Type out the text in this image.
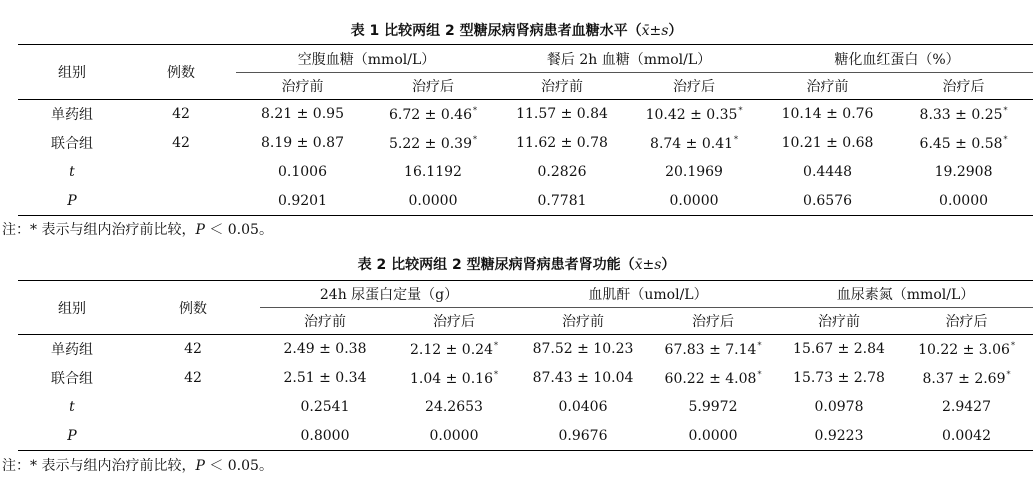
表 1 比较两组 2 型糖尿病肾病患者血糖水平（x̄±s）
组别	例数	空腹血糖（mmol/L）		餐后 2h 血糖（mmol/L）		糖化血红蛋白（%）	
		治疗前	治疗后	治疗前	治疗后	治疗前	治疗后
单药组	42	8.21 ± 0.95	6.72 ± 0.46*	11.57 ± 0.84	10.42 ± 0.35*	10.14 ± 0.76	8.33 ± 0.25*
联合组	42	8.19 ± 0.87	5.22 ± 0.39*	11.62 ± 0.78	8.74 ± 0.41*	10.21 ± 0.68	6.45 ± 0.58*
t		0.1006	16.1192	0.2826	20.1969	0.4448	19.2908
P		0.9201	0.0000	0.7781	0.0000	0.6576	0.0000
注：* 表示与组内治疗前比较，P ＜ 0.05。
表 2 比较两组 2 型糖尿病肾病患者肾功能（x̄±s）
组别	例数	24h 尿蛋白定量（g）		血肌酐（umol/L）		血尿素氮（mmol/L）	
		治疗前	治疗后	治疗前	治疗后	治疗前	治疗后
单药组	42	2.49 ± 0.38	2.12 ± 0.24*	87.52 ± 10.23	67.83 ± 7.14*	15.67 ± 2.84	10.22 ± 3.06*
联合组	42	2.51 ± 0.34	1.04 ± 0.16*	87.43 ± 10.04	60.22 ± 4.08*	15.73 ± 2.78	8.37 ± 2.69*
t		0.2541	24.2653	0.0406	5.9972	0.0978	2.9427
P		0.8000	0.0000	0.9676	0.0000	0.9223	0.0042
注：* 表示与组内治疗前比较，P ＜ 0.05。
